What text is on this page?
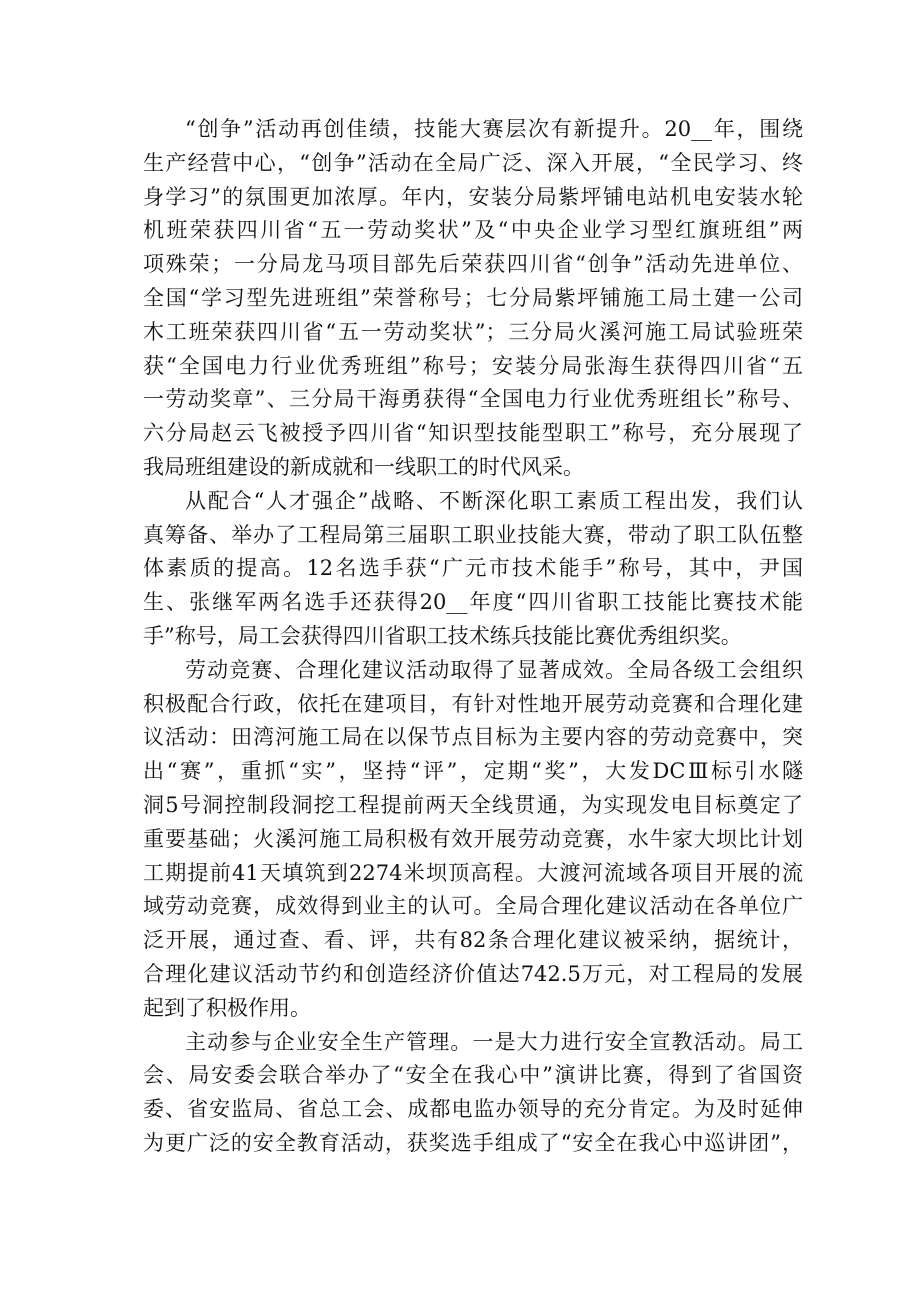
“创争”活动再创佳绩，技能大赛层次有新提升。20__年，围绕
生产经营中心，“创争”活动在全局广泛、深入开展，“全民学习、终
身学习”的氛围更加浓厚。年内，安装分局紫坪铺电站机电安装水轮
机班荣获四川省“五一劳动奖状”及“中央企业学习型红旗班组”两
项殊荣；一分局龙马项目部先后荣获四川省“创争”活动先进单位、
全国“学习型先进班组”荣誉称号；七分局紫坪铺施工局土建一公司
木工班荣获四川省“五一劳动奖状”；三分局火溪河施工局试验班荣
获“全国电力行业优秀班组”称号；安装分局张海生获得四川省“五
一劳动奖章”、三分局干海勇获得“全国电力行业优秀班组长”称号、
六分局赵云飞被授予四川省“知识型技能型职工”称号，充分展现了
我局班组建设的新成就和一线职工的时代风采。
从配合“人才强企”战略、不断深化职工素质工程出发，我们认
真筹备、举办了工程局第三届职工职业技能大赛，带动了职工队伍整
体素质的提高。12名选手获“广元市技术能手”称号，其中，尹国
生、张继军两名选手还获得20__年度“四川省职工技能比赛技术能
手”称号，局工会获得四川省职工技术练兵技能比赛优秀组织奖。
劳动竞赛、合理化建议活动取得了显著成效。全局各级工会组织
积极配合行政，依托在建项目，有针对性地开展劳动竞赛和合理化建
议活动：田湾河施工局在以保节点目标为主要内容的劳动竞赛中，突
出“赛”，重抓“实”，坚持“评”，定期“奖”，大发DCⅢ标引水隧
洞5号洞控制段洞挖工程提前两天全线贯通，为实现发电目标奠定了
重要基础；火溪河施工局积极有效开展劳动竞赛，水牛家大坝比计划
工期提前41天填筑到2274米坝顶高程。大渡河流域各项目开展的流
域劳动竞赛，成效得到业主的认可。全局合理化建议活动在各单位广
泛开展，通过查、看、评，共有82条合理化建议被采纳，据统计，
合理化建议活动节约和创造经济价值达742.5万元，对工程局的发展
起到了积极作用。
主动参与企业安全生产管理。一是大力进行安全宣教活动。局工
会、局安委会联合举办了“安全在我心中”演讲比赛，得到了省国资
委、省安监局、省总工会、成都电监办领导的充分肯定。为及时延伸
为更广泛的安全教育活动，获奖选手组成了“安全在我心中巡讲团”，
